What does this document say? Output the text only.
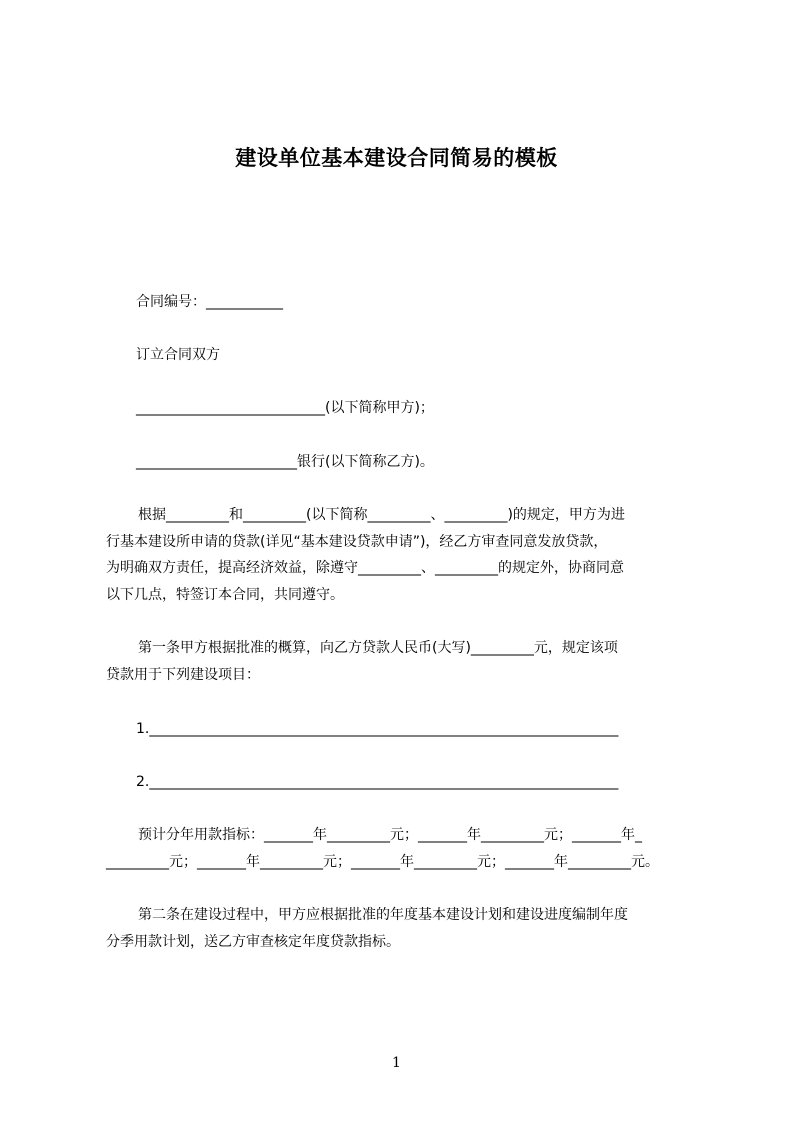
建设单位基本建设合同简易的模板
合同编号：___________
订立合同双方
___________________________(以下简称甲方)；
_______________________银行(以下简称乙方)。
根据_________和_________(以下简称_________、_________)的规定，甲方为进
行基本建设所申请的贷款(详见“基本建设贷款申请”)，经乙方审查同意发放贷款，
为明确双方责任，提高经济效益，除遵守_________、_________的规定外，协商同意
以下几点，特签订本合同，共同遵守。
第一条甲方根据批准的概算，向乙方贷款人民币(大写)_________元，规定该项
贷款用于下列建设项目：
1.___________________________________________________________________
2.___________________________________________________________________
预计分年用款指标：_______年_________元；_______年_________元；_______年_
_________元；_______年_________元；_______年_________元；_______年_________元。
第二条在建设过程中，甲方应根据批准的年度基本建设计划和建设进度编制年度
分季用款计划，送乙方审查核定年度贷款指标。
1
